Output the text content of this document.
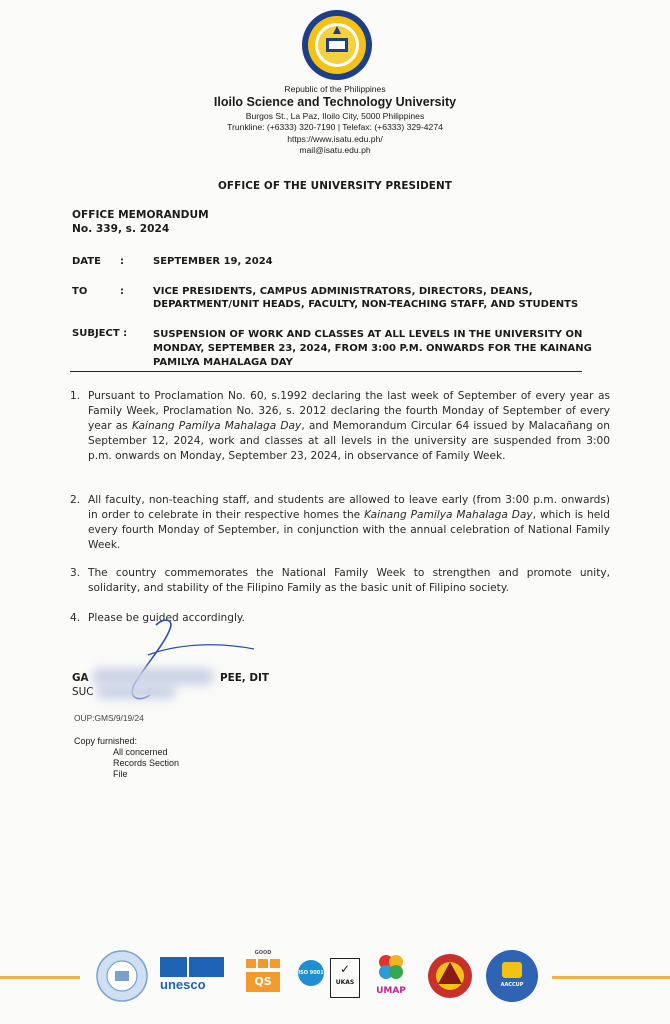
Republic of the Philippines
Iloilo Science and Technology University
Burgos St., La Paz, Iloilo City, 5000 Philippines
Trunkline: (+6333) 320-7190 | Telefax: (+6333) 329-4274
https://www.isatu.edu.ph/
mail@isatu.edu.ph
OFFICE OF THE UNIVERSITY PRESIDENT
OFFICE MEMORANDUM
No. 339, s. 2024
DATE :	SEPTEMBER 19, 2024
TO	:	VICE PRESIDENTS, CAMPUS ADMINISTRATORS, DIRECTORS, DEANS,
DEPARTMENT/UNIT HEADS, FACULTY, NON-TEACHING STAFF, AND STUDENTS
SUBJECT :	SUSPENSION OF WORK AND CLASSES AT ALL LEVELS IN THE UNIVERSITY ON
MONDAY, SEPTEMBER 23, 2024, FROM 3:00 P.M. ONWARDS FOR THE KAINANG
PAMILYA MAHALAGA DAY
1. Pursuant to Proclamation No. 60, s.1992 declaring the last week of September of every year as Family Week, Proclamation No. 326, s. 2012 declaring the fourth Monday of September of every year as Kainang Pamilya Mahalaga Day, and Memorandum Circular 64 issued by Malacañang on September 12, 2024, work and classes at all levels in the university are suspended from 3:00 p.m. onwards on Monday, September 23, 2024, in observance of Family Week.
2. All faculty, non-teaching staff, and students are allowed to leave early (from 3:00 p.m. onwards) in order to celebrate in their respective homes the Kainang Pamilya Mahalaga Day, which is held every fourth Monday of September, in conjunction with the annual celebration of National Family Week.
3. The country commemorates the National Family Week to strengthen and promote unity, solidarity, and stability of the Filipino Family as the basic unit of Filipino society.
4. Please be guided accordingly.
GA	PEE, DIT
SUC
OUP:GMS/9/19/24
Copy furnished:
All concerned
Records Section
File
unesco
GOOD
QS
ISO 9001	✓
UKAS
UMAP
AACCUP
